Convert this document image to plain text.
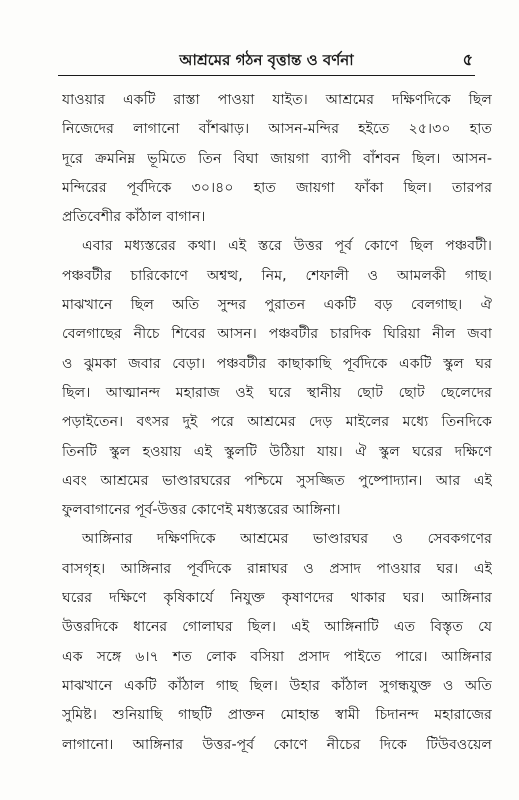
আশ্রমের গঠন বৃত্তান্ত ও বর্ণনা	৫
যাওয়ার একটি রাস্তা পাওয়া যাইত। আশ্রমের দক্ষিণদিকে ছিল
নিজেদের লাগানো বাঁশঝাড়। আসন-মন্দির হইতে ২৫।৩০ হাত
দূরে ক্রমনিম্ন ভূমিতে তিন বিঘা জায়গা ব্যাপী বাঁশবন ছিল। আসন-
মন্দিরের পূর্বদিকে ৩০।৪০ হাত জায়গা ফাঁকা ছিল। তারপর
প্রতিবেশীর কাঁঠাল বাগান।
এবার মধ্যস্তরের কথা। এই স্তরে উত্তর পূর্ব কোণে ছিল পঞ্চবটী।
পঞ্চবটীর চারিকোণে অশ্বত্থ, নিম, শেফালী ও আমলকী গাছ।
মাঝখানে ছিল অতি সুন্দর পুরাতন একটি বড় বেলগাছ। ঐ
বেলগাছের নীচে শিবের আসন। পঞ্চবটীর চারদিক ঘিরিয়া নীল জবা
ও ঝুমকা জবার বেড়া। পঞ্চবটীর কাছাকাছি পূর্বদিকে একটি স্কুল ঘর
ছিল। আত্মানন্দ মহারাজ ওই ঘরে স্থানীয় ছোট ছোট ছেলেদের
পড়াইতেন। বৎসর দুই পরে আশ্রমের দেড় মাইলের মধ্যে তিনদিকে
তিনটি স্কুল হওয়ায় এই স্কুলটি উঠিয়া যায়। ঐ স্কুল ঘরের দক্ষিণে
এবং আশ্রমের ভাণ্ডারঘরের পশ্চিমে সুসজ্জিত পুষ্পোদ্যান। আর এই
ফুলবাগানের পূর্ব-উত্তর কোণেই মধ্যস্তরের আঙ্গিনা।
আঙ্গিনার দক্ষিণদিকে আশ্রমের ভাণ্ডারঘর ও সেবকগণের
বাসগৃহ। আঙ্গিনার পূর্বদিকে রান্নাঘর ও প্রসাদ পাওয়ার ঘর। এই
ঘরের দক্ষিণে কৃষিকার্যে নিযুক্ত কৃষাণদের থাকার ঘর। আঙ্গিনার
উত্তরদিকে ধানের গোলাঘর ছিল। এই আঙ্গিনাটি এত বিস্তৃত যে
এক সঙ্গে ৬।৭ শত লোক বসিয়া প্রসাদ পাইতে পারে। আঙ্গিনার
মাঝখানে একটি কাঁঠাল গাছ ছিল। উহার কাঁঠাল সুগন্ধযুক্ত ও অতি
সুমিষ্ট। শুনিয়াছি গাছটি প্রাক্তন মোহান্ত স্বামী চিদানন্দ মহারাজের
লাগানো। আঙ্গিনার উত্তর-পূর্ব কোণে নীচের দিকে টিউবওয়েল
